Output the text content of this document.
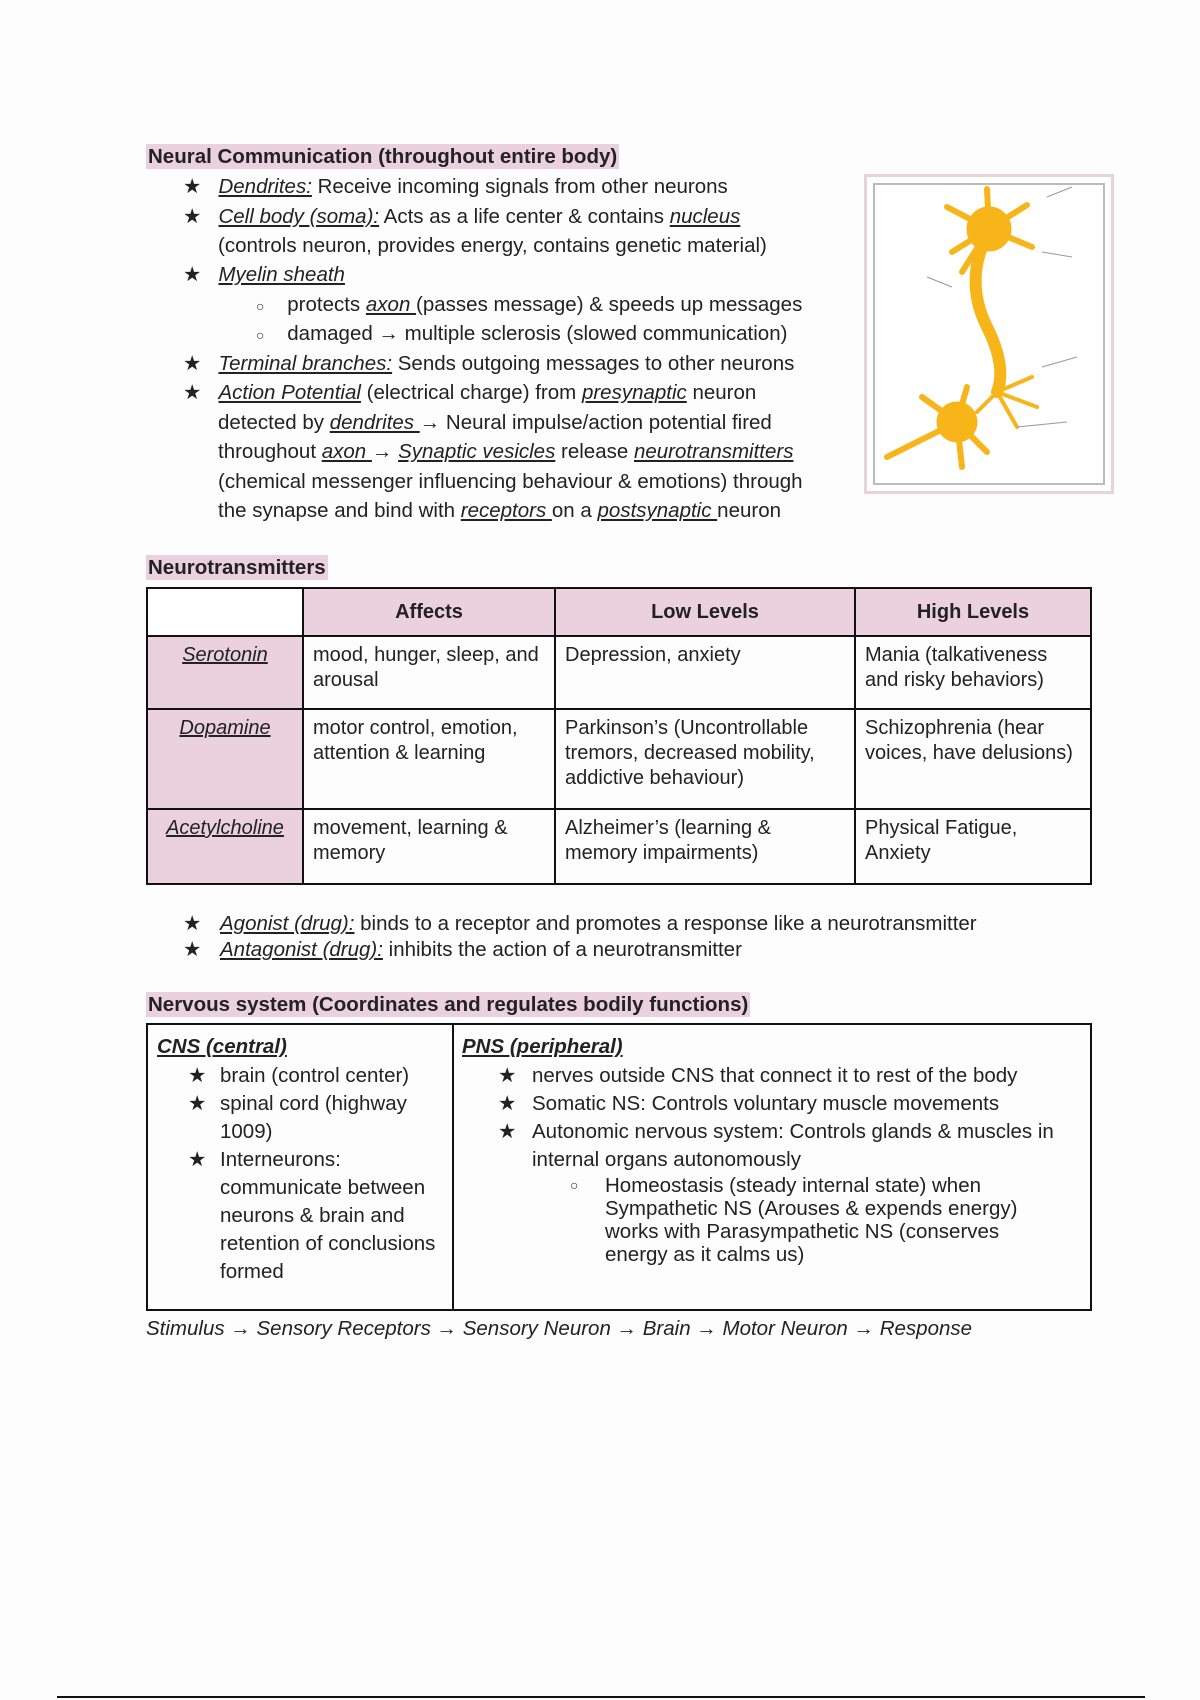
Neural Communication (throughout entire body)
★   Dendrites: Receive incoming signals from other neurons
★   Cell body (soma): Acts as a life center & contains nucleus
(controls neuron, provides energy, contains genetic material)
★   Myelin sheath
○ protects axon (passes message) & speeds up messages
○ damaged → multiple sclerosis (slowed communication)
★   Terminal branches: Sends outgoing messages to other neurons
★   Action Potential (electrical charge) from presynaptic neuron
detected by dendrites → Neural impulse/action potential fired
throughout axon → Synaptic vesicles release neurotransmitters
(chemical messenger influencing behaviour & emotions) through
the synapse and bind with receptors on a postsynaptic neuron
Neurotransmitters
	Affects	Low Levels	High Levels
Serotonin	mood, hunger, sleep, and arousal	Depression, anxiety	Mania (talkativeness and risky behaviors)
Dopamine	motor control, emotion, attention & learning	Parkinson’s (Uncontrollable tremors, decreased mobility, addictive behaviour)	Schizophrenia (hear voices, have delusions)
Acetylcholine	movement, learning & memory	Alzheimer’s (learning & memory impairments)	Physical Fatigue, Anxiety
★ Agonist (drug): binds to a receptor and promotes a response like a neurotransmitter
★ Antagonist (drug): inhibits the action of a neurotransmitter
Nervous system (Coordinates and regulates bodily functions)
CNS (central)
★ brain (control center)
★ spinal cord (highway 1009)
★ Interneurons: communicate between neurons & brain and retention of conclusions formed
PNS (peripheral)
★ nerves outside CNS that connect it to rest of the body
★ Somatic NS: Controls voluntary muscle movements
★ Autonomic nervous system: Controls glands & muscles in internal organs autonomously
○ Homeostasis (steady internal state) when Sympathetic NS (Arouses & expends energy) works with Parasympathetic NS (conserves energy as it calms us)
Stimulus → Sensory Receptors → Sensory Neuron → Brain → Motor Neuron → Response
